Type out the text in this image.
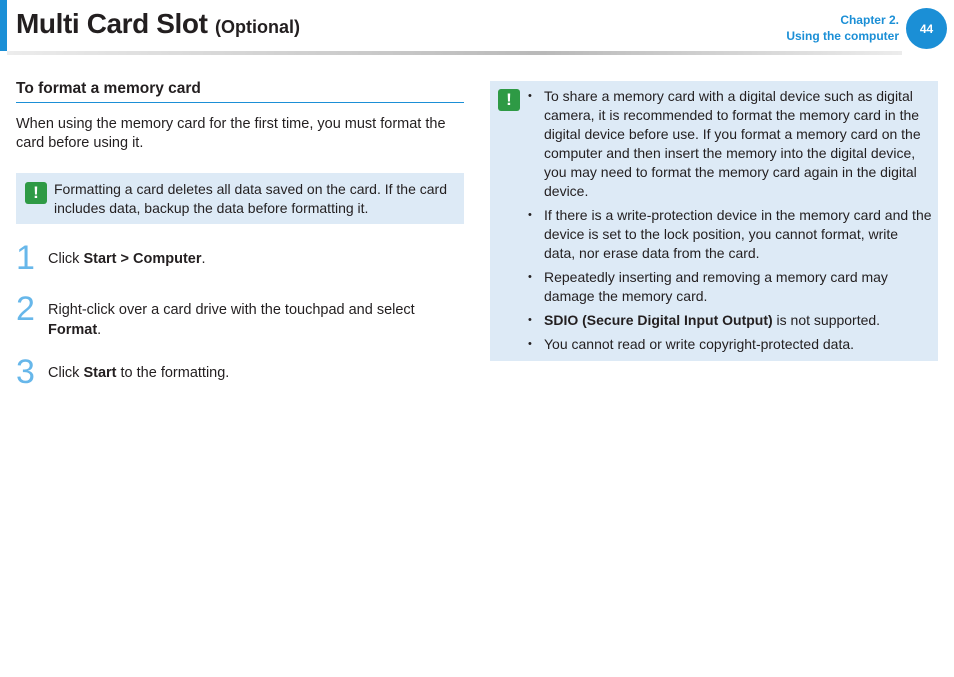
Multi Card Slot (Optional)	Chapter 2.
Using the computer
44
To format a memory card
When using the memory card for the first time, you must format the card before using it.
!	Formatting a card deletes all data saved on the card. If the card includes data, backup the data before formatting it.
1 Click Start > Computer.
2 Right-click over a card drive with the touchpad and select Format.
3 Click Start to the formatting.
!
•	To share a memory card with a digital device such as digital camera, it is recommended to format the memory card in the digital device before use. If you format a memory card on the computer and then insert the memory into the digital device, you may need to format the memory card again in the digital device.
• If there is a write-protection device in the memory card and the device is set to the lock position, you cannot format, write data, nor erase data from the card.
• Repeatedly inserting and removing a memory card may damage the memory card.
• SDIO (Secure Digital Input Output) is not supported.
• You cannot read or write copyright-protected data.
